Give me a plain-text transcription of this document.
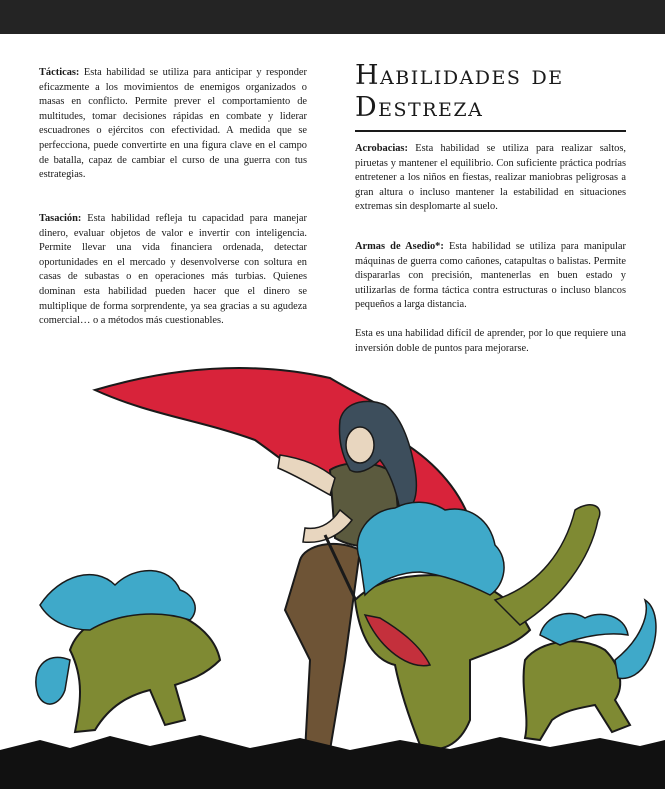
Tácticas: Esta habilidad se utiliza para anticipar y responder eficazmente a los movimientos de enemigos organizados o masas en conflicto. Permite prever el comportamiento de multitudes, tomar decisiones rápidas en combate y liderar escuadrones o ejércitos con efectividad. A medida que se perfecciona, puede convertirte en una figura clave en el campo de batalla, capaz de cambiar el curso de una guerra con tus estrategias.

Tasación: Esta habilidad refleja tu capacidad para manejar dinero, evaluar objetos de valor e invertir con inteligencia. Permite llevar una vida financiera ordenada, detectar oportunidades en el mercado y desenvolverse con soltura en casas de subastas o en operaciones más turbias. Quienes dominan esta habilidad pueden hacer que el dinero se multiplique de forma sorprendente, ya sea gracias a su agudeza comercial… o a métodos más cuestionables.

Habilidades de Destreza

Acrobacias: Esta habilidad se utiliza para realizar saltos, piruetas y mantener el equilibrio. Con suficiente práctica podrías entretener a los niños en fiestas, realizar maniobras peligrosas a gran altura o incluso mantener la estabilidad en situaciones extremas sin desplomarte al suelo.

Armas de Asedio*: Esta habilidad se utiliza para manipular máquinas de guerra como cañones, catapultas o balistas. Permite dispararlas con precisión, mantenerlas en buen estado y utilizarlas de forma táctica contra estructuras o incluso blancos pequeños a larga distancia.

Esta es una habilidad difícil de aprender, por lo que requiere una inversión doble de puntos para mejorarse.
